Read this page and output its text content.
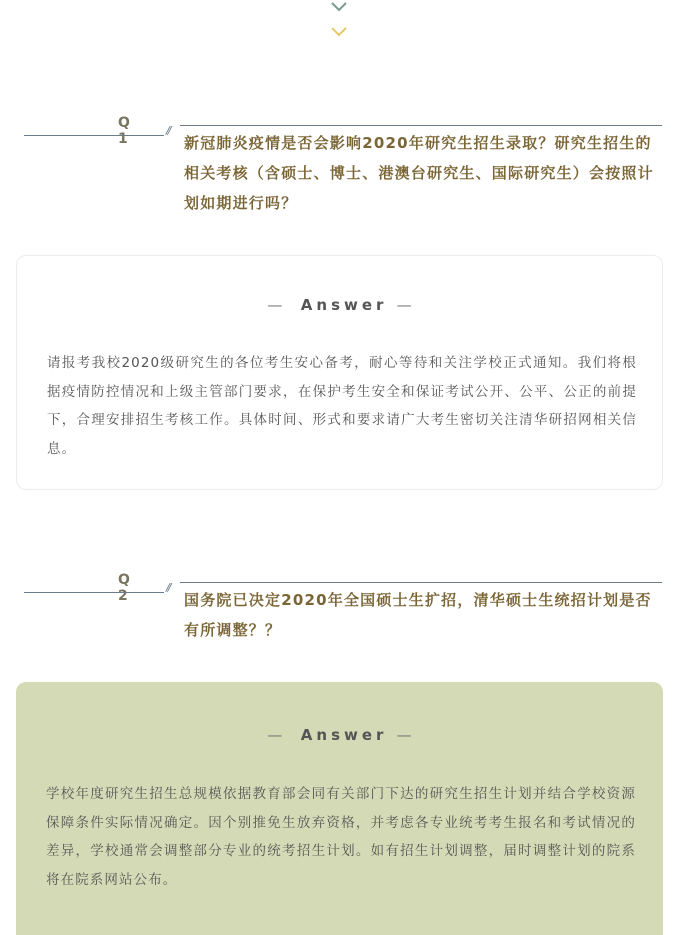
Q 1
//
新冠肺炎疫情是否会影响2020年研究生招生录取？研究生招生的相关考核（含硕士、博士、港澳台研究生、国际研究生）会按照计划如期进行吗？
— Answer —
请报考我校2020级研究生的各位考生安心备考，耐心等待和关注学校正式通知。我们将根据疫情防控情况和上级主管部门要求，在保护考生安全和保证考试公开、公平、公正的前提下，合理安排招生考核工作。具体时间、形式和要求请广大考生密切关注清华研招网相关信息。
Q 2
//
国务院已决定2020年全国硕士生扩招，清华硕士生统招计划是否有所调整？？
— Answer —
学校年度研究生招生总规模依据教育部会同有关部门下达的研究生招生计划并结合学校资源保障条件实际情况确定。因个别推免生放弃资格，并考虑各专业统考考生报名和考试情况的差异，学校通常会调整部分专业的统考招生计划。如有招生计划调整，届时调整计划的院系将在院系网站公布。
